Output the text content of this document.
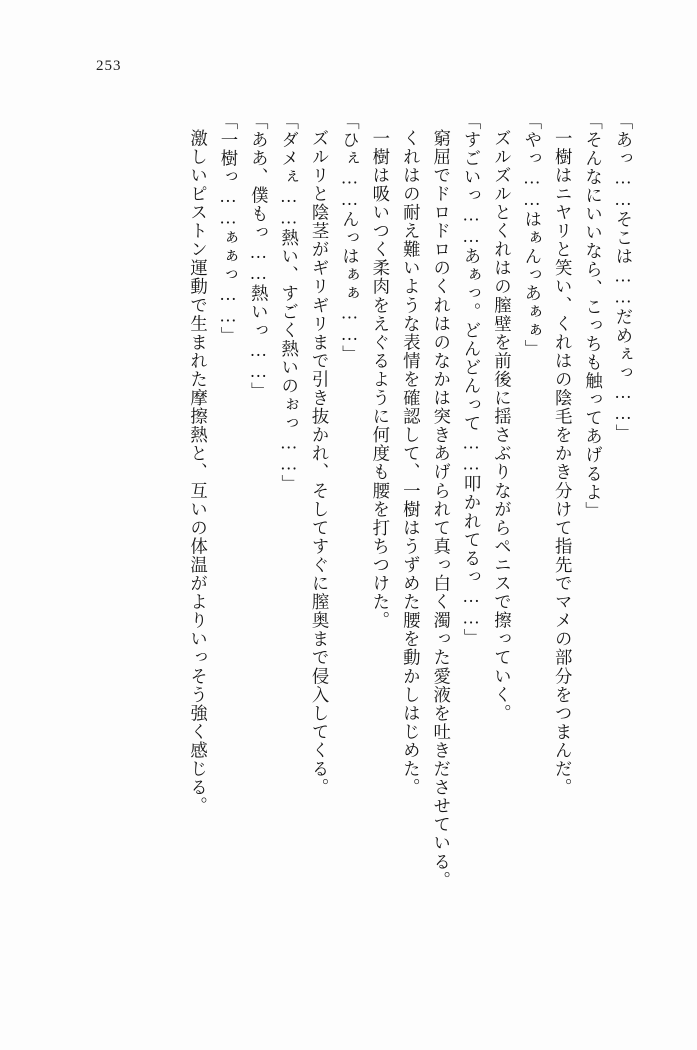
253
「あっ……そこは……だめぇっ……」
「そんなにいいなら、こっちも触ってあげるよ」
一樹はニヤリと笑い、くれはの陰毛をかき分けて指先でマメの部分をつまんだ。
「やっ……はぁんっあぁぁ」
ズルズルとくれはの膣壁を前後に揺さぶりながらペニスで擦っていく。
「すごいっ……あぁっ。どんどんって……叩かれてるっ……」
窮屈でドロドロのくれはのなかは突きあげられて真っ白く濁った愛液を吐きださせている。
くれはの耐え難いような表情を確認して、一樹はうずめた腰を動かしはじめた。
一樹は吸いつく柔肉をえぐるように何度も腰を打ちつけた。
「ひぇ……んっはぁぁ……」
ズルリと陰茎がギリギリまで引き抜かれ、そしてすぐに膣奥まで侵入してくる。
「ダメぇ……熱い、すごく熱いのぉっ……」
「ああ、僕もっ……熱いっ……」
「一樹っ……ぁぁっ……」
激しいピストン運動で生まれた摩擦熱と、互いの体温がよりいっそう強く感じる。
